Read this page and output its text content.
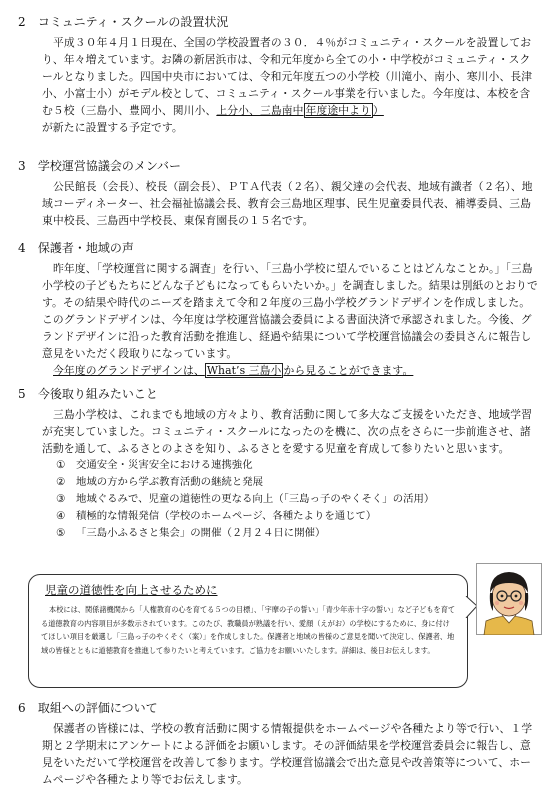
2 コミュニティ・スクールの設置状況

平成３０年４月１日現在、全国の学校設置者の３０．４％がコミュニティ・スクールを設置しており、年々増えています。お隣の新居浜市は、令和元年度から全ての小・中学校がコミュニティ・スクールとなりました。四国中央市においては、令和元年度五つの小学校（川滝小、南小、寒川小、長津小、小富士小）がモデル校として、コミュニティ・スクール事業を行いました。今年度は、本校を含む５校（三島小、豊岡小、関川小、上分小、三島南中 年度途中より ）
が新たに設置する予定です。

3 学校運営協議会のメンバー

公民館長（会長）、校長（副会長）、ＰＴＡ代表（２名）、親父達の会代表、地域有識者（２名）、地域コーディネーター、社会福祉協議会長、教育会三島地区理事、民生児童委員代表、補導委員、三島東中校長、三島西中学校長、東保育園長の１５名です。

4 保護者・地域の声

昨年度、「学校運営に関する調査」を行い、「三島小学校に望んでいることはどんなことか。」「三島小学校の子どもたちにどんな子どもになってもらいたいか。」を調査しました。結果は別紙のとおりです。その結果や時代のニーズを踏まえて令和２年度の三島小学校グランドデザインを作成しました。このグランドデザインは、今年度は学校運営協議会委員による書面決済で承認されました。今後、グランドデザインに沿った教育活動を推進し、経過や結果について学校運営協議会の委員さんに報告し意見をいただく段取りになっています。

今年度のグランドデザインは、 What’s 三島小 から見ることができます。

5 今後取り組みたいこと

三島小学校は、これまでも地域の方々より、教育活動に関して多大なご支援をいただき、地域学習が充実していました。コミュニティ・スクールになったのを機に、次の点をさらに一歩前進させ、諸活動を通して、ふるさとのよさを知り、ふるさとを愛する児童を育成して参りたいと思います。

① 交通安全・災害安全における連携強化
② 地域の方から学ぶ教育活動の継続と発展
③ 地域ぐるみで、児童の道徳性の更なる向上（「三島っ子のやくそく」の活用）
④ 積極的な情報発信（学校のホームページ、各種たよりを通じて）
⑤ 「三島小ふるさと集会」の開催（２月２４日に開催）
児童の道徳性を向上させるために
本校には、関係諸機関から「人権教育の心を育てる５つの目標」、「宇摩の子の誓い」「青少年赤十字の誓い」など子どもを育てる道徳教育の内容項目が多数示されています。このたび、教職員が熟議を行い、愛顔（えがお）の学校にするために、身に付けてほしい項目を厳選し「三島っ子のやくそく（案）」を作成しました。保護者と地域の皆様のご意見を聞いて決定し、保護者、地域の皆様とともに道徳教育を推進して参りたいと考えています。ご協力をお願いいたします。詳細は、後日お伝えします。
6 取組への評価について

保護者の皆様には、学校の教育活動に関する情報提供をホームページや各種たより等で行い、１学期と２学期末にアンケートによる評価をお願いします。その評価結果を学校運営委員会に報告し、意見をいただいて学校運営を改善して参ります。学校運営協議会で出た意見や改善策等について、ホームページや各種たより等でお伝えします。
